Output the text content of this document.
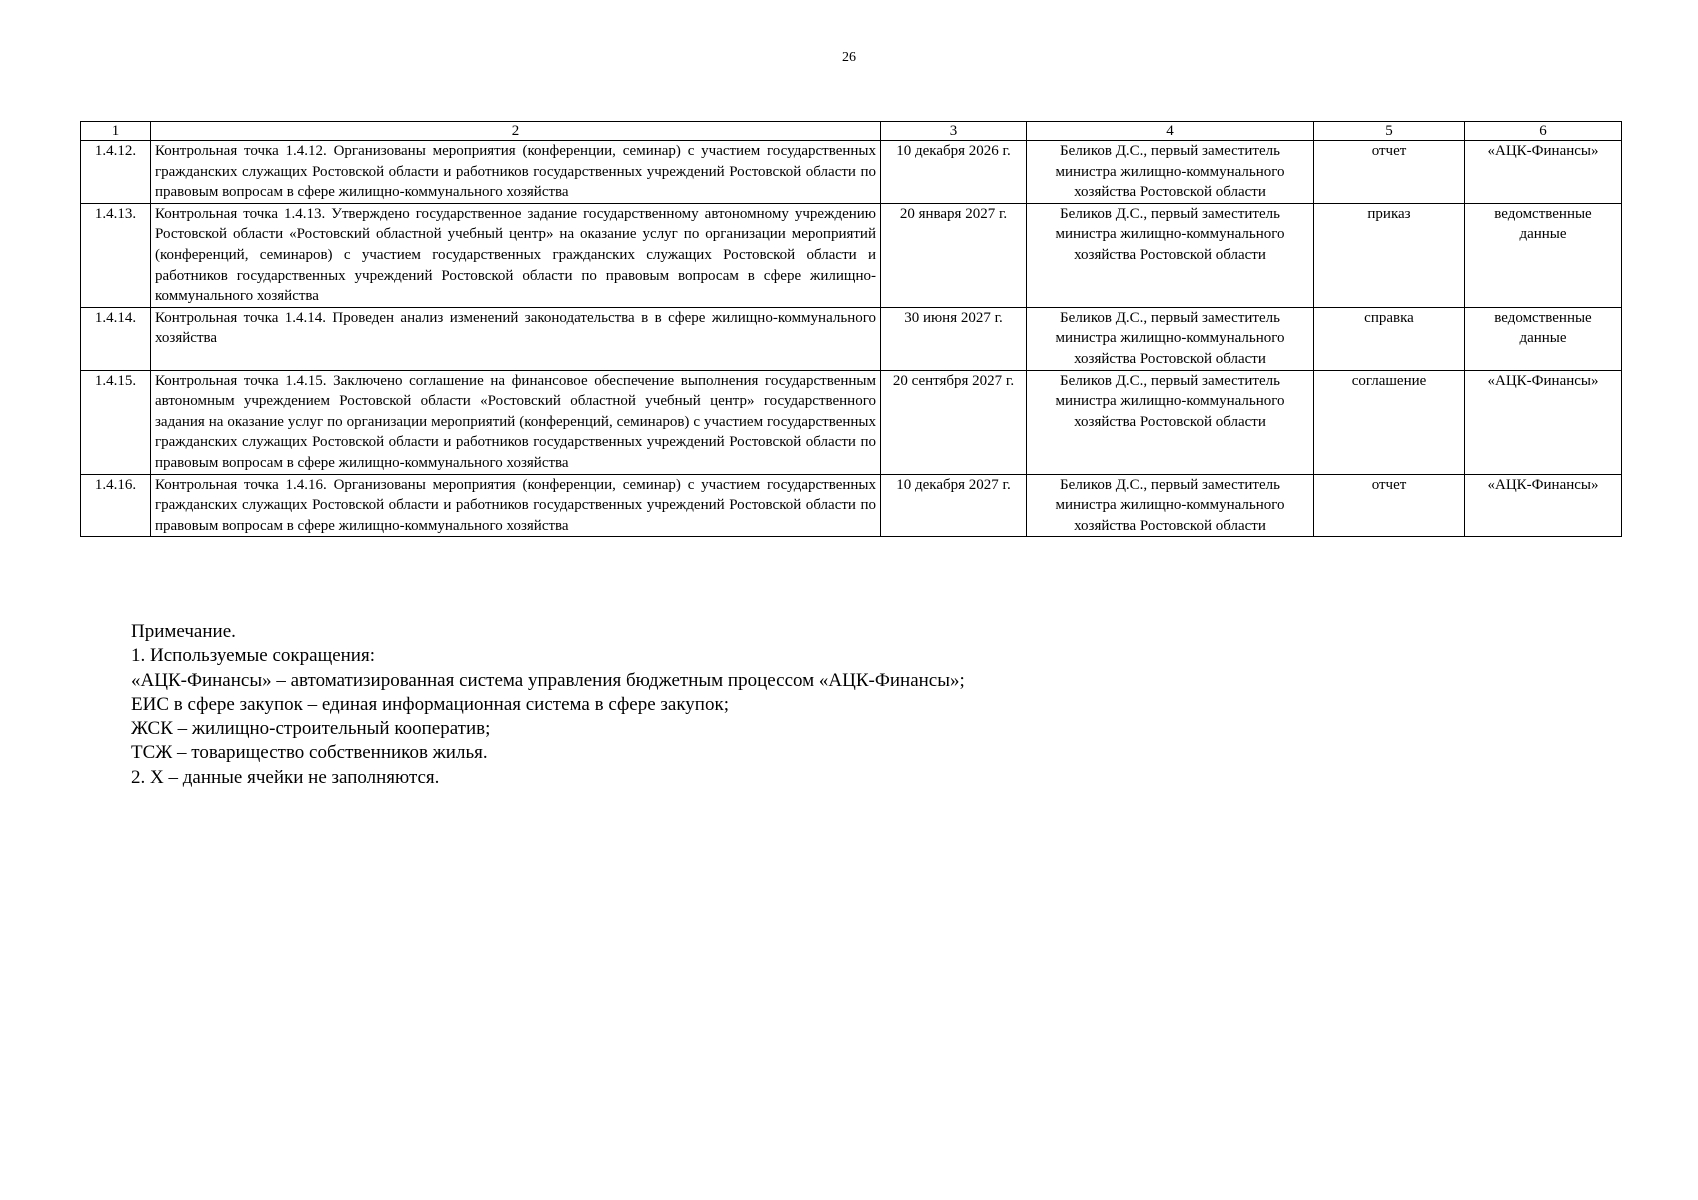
26
1	2	3	4	5	6
1.4.12.	Контрольная точка 1.4.12. Организованы мероприятия (конференции, семинар) с участием государственных гражданских служащих Ростовской области и работников государственных учреждений Ростовской области по правовым вопросам в сфере жилищно-коммунального хозяйства	10 декабря 2026 г.	Беликов Д.С., первый заместитель министра жилищно-коммунального хозяйства Ростовской области	отчет	«АЦК-Финансы»
1.4.13.	Контрольная точка 1.4.13. Утверждено государственное задание государственному автономному учреждению Ростовской области «Ростовский областной учебный центр» на оказание услуг по организации мероприятий (конференций, семинаров) с участием государственных гражданских служащих Ростовской области и работников государственных учреждений Ростовской области по правовым вопросам в сфере жилищно-коммунального хозяйства	20 января 2027 г.	Беликов Д.С., первый заместитель министра жилищно-коммунального хозяйства Ростовской области	приказ	ведомственные данные
1.4.14.	Контрольная точка 1.4.14. Проведен анализ изменений законодательства в в сфере жилищно-коммунального хозяйства	30 июня 2027 г.	Беликов Д.С., первый заместитель министра жилищно-коммунального хозяйства Ростовской области	справка	ведомственные данные
1.4.15.	Контрольная точка 1.4.15. Заключено соглашение на финансовое обеспечение выполнения государственным автономным учреждением Ростовской области «Ростовский областной учебный центр» государственного задания на оказание услуг по организации мероприятий (конференций, семинаров) с участием государственных гражданских служащих Ростовской области и работников государственных учреждений Ростовской области по правовым вопросам в сфере жилищно-коммунального хозяйства	20 сентября 2027 г.	Беликов Д.С., первый заместитель министра жилищно-коммунального хозяйства Ростовской области	соглашение	«АЦК-Финансы»
1.4.16.	Контрольная точка 1.4.16. Организованы мероприятия (конференции, семинар) с участием государственных гражданских служащих Ростовской области и работников государственных учреждений Ростовской области по правовым вопросам в сфере жилищно-коммунального хозяйства	10 декабря 2027 г.	Беликов Д.С., первый заместитель министра жилищно-коммунального хозяйства Ростовской области	отчет	«АЦК-Финансы»
Примечание.
1. Используемые сокращения:
«АЦК-Финансы» – автоматизированная система управления бюджетным процессом «АЦК-Финансы»;
ЕИС в сфере закупок – единая информационная система в сфере закупок;
ЖСК – жилищно-строительный кооператив;
ТСЖ – товарищество собственников жилья.
2. X – данные ячейки не заполняются.
